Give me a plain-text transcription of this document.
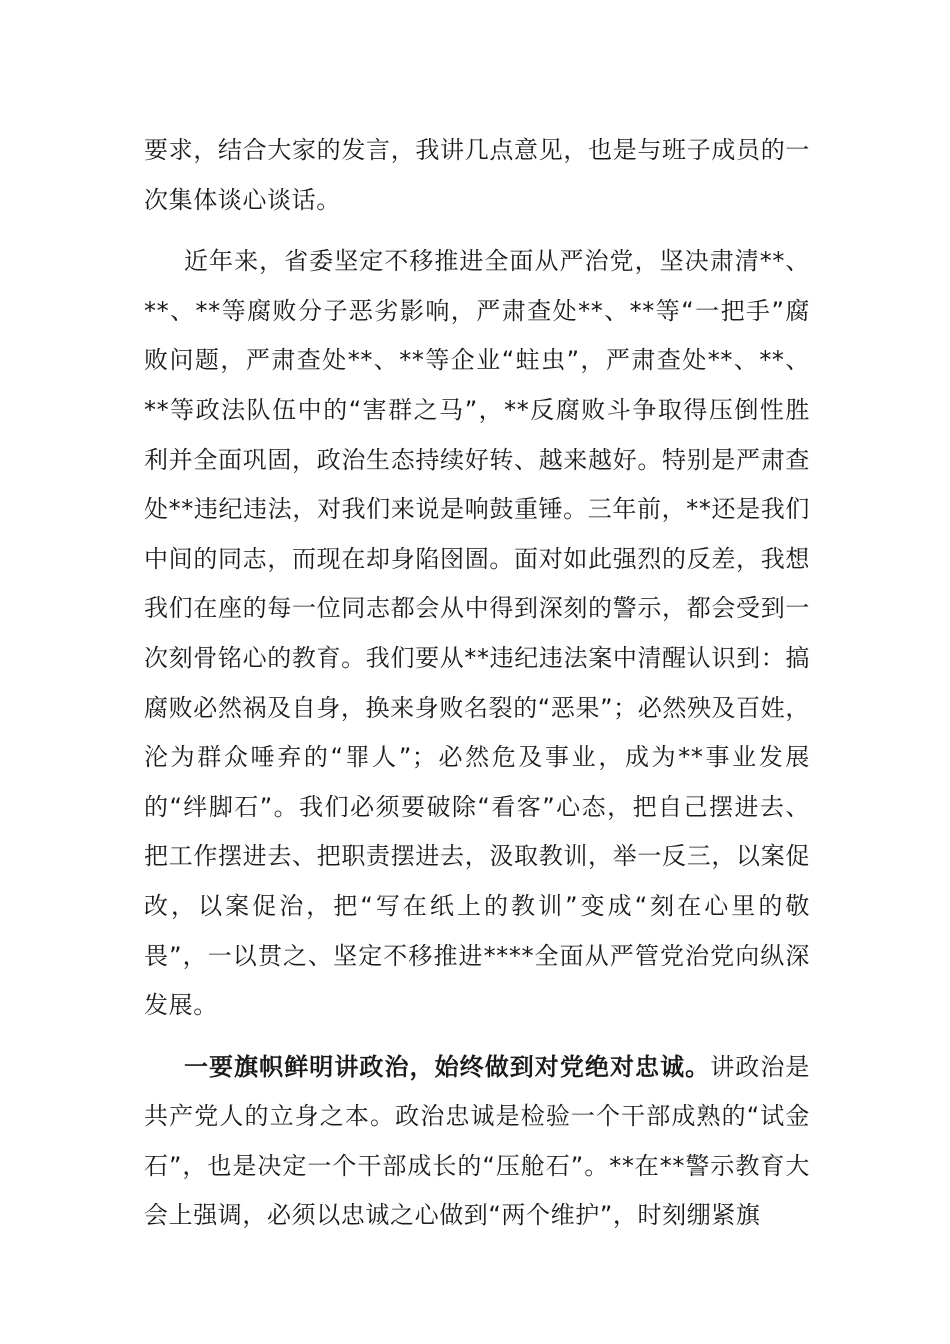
要求，结合大家的发言，我讲几点意见，也是与班子成员的一次集体谈心谈话。

近年来，省委坚定不移推进全面从严治党，坚决肃清**、**、**等腐败分子恶劣影响，严肃查处**、**等“一把手”腐败问题，严肃查处**、**等企业“蛀虫”，严肃查处**、**、**等政法队伍中的“害群之马”，**反腐败斗争取得压倒性胜利并全面巩固，政治生态持续好转、越来越好。特别是严肃查处**违纪违法，对我们来说是响鼓重锤。三年前，**还是我们中间的同志，而现在却身陷囹圄。面对如此强烈的反差，我想我们在座的每一位同志都会从中得到深刻的警示，都会受到一次刻骨铭心的教育。我们要从**违纪违法案中清醒认识到：搞腐败必然祸及自身，换来身败名裂的“恶果”；必然殃及百姓，沦为群众唾弃的“罪人”；必然危及事业，成为**事业发展的“绊脚石”。我们必须要破除“看客”心态，把自己摆进去、把工作摆进去、把职责摆进去，汲取教训，举一反三，以案促改，以案促治，把“写在纸上的教训”变成“刻在心里的敬畏”，一以贯之、坚定不移推进****全面从严管党治党向纵深发展。

一要旗帜鲜明讲政治，始终做到对党绝对忠诚。讲政治是共产党人的立身之本。政治忠诚是检验一个干部成熟的“试金石”，也是决定一个干部成长的“压舱石”。**在**警示教育大会上强调，必须以忠诚之心做到“两个维护”，时刻绷紧旗
